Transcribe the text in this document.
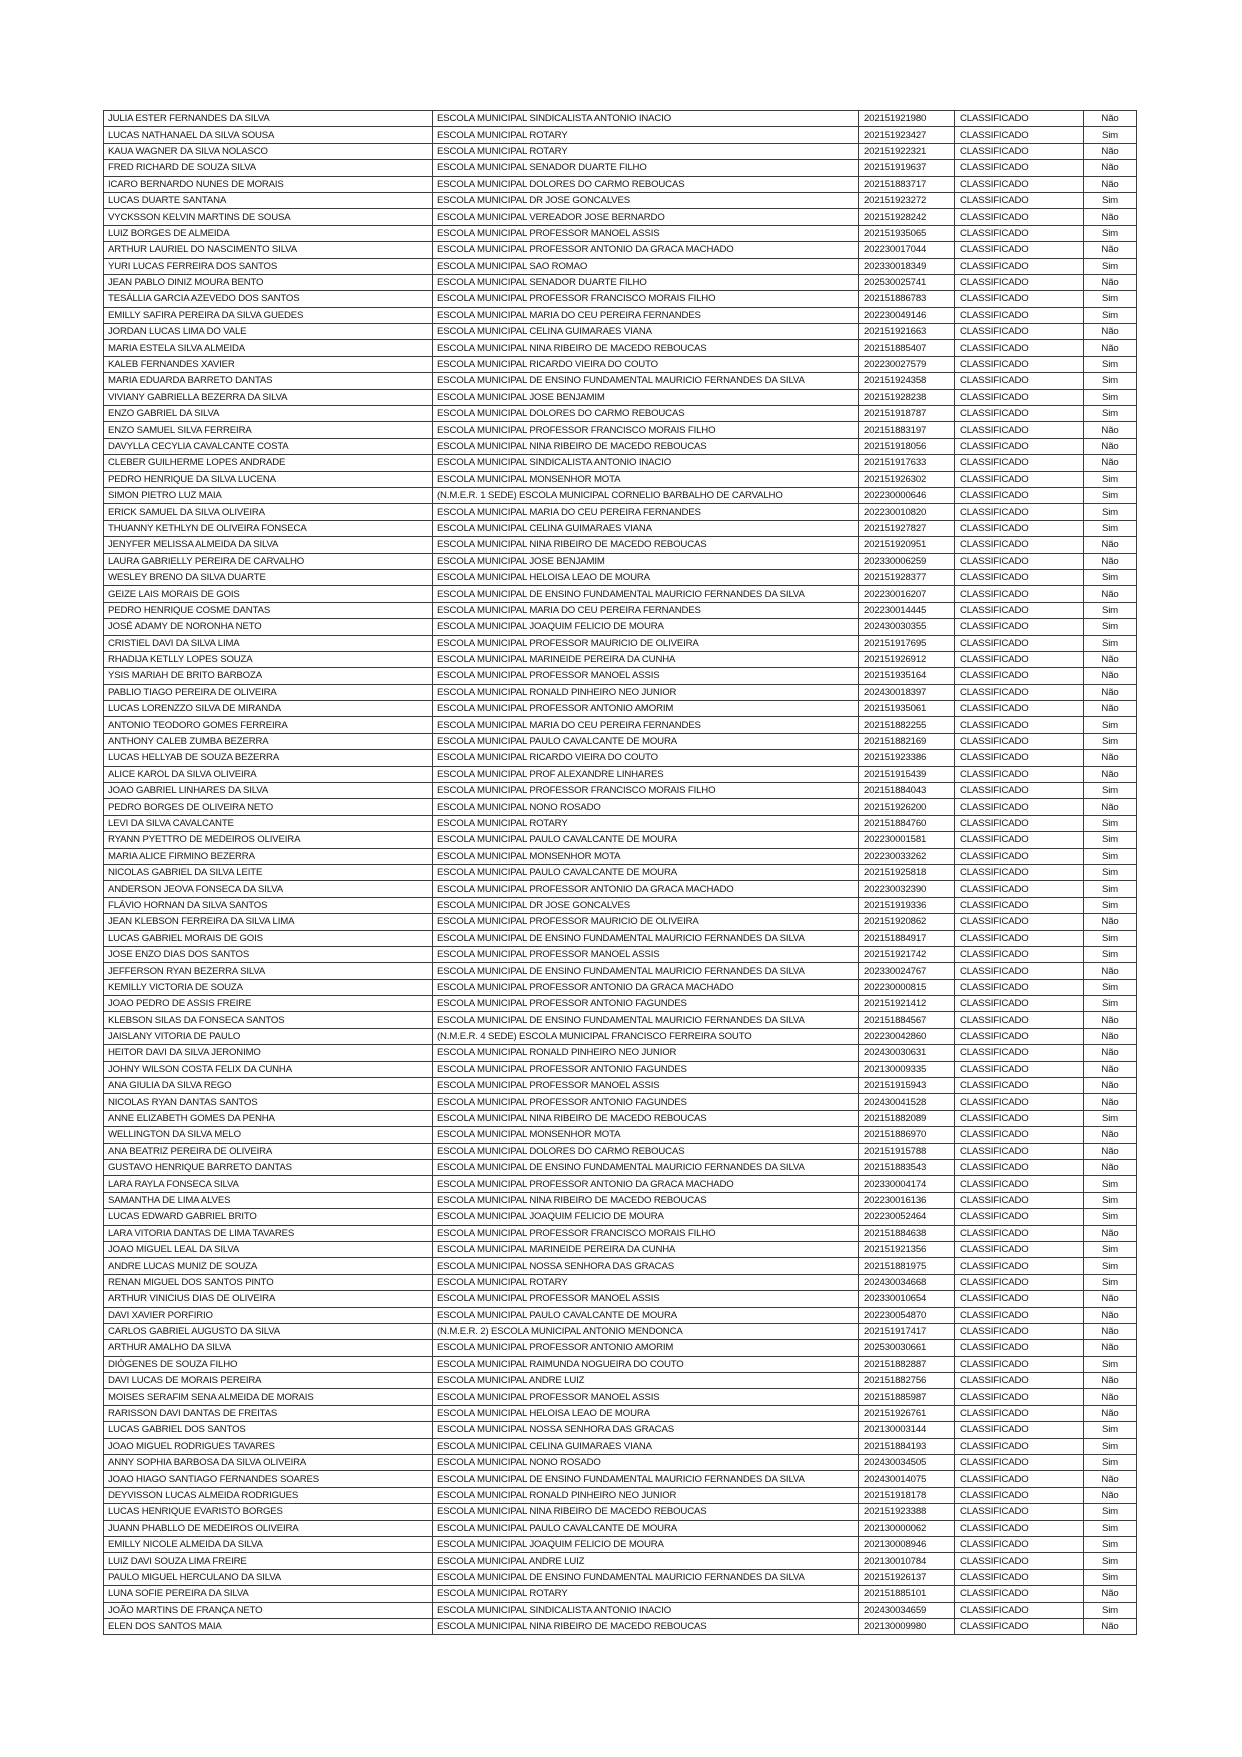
JULIA ESTER FERNANDES DA SILVA	ESCOLA MUNICIPAL SINDICALISTA ANTONIO INACIO	202151921980	CLASSIFICADO	Não
LUCAS NATHANAEL DA SILVA SOUSA	ESCOLA MUNICIPAL ROTARY	202151923427	CLASSIFICADO	Sim
KAUA WAGNER DA SILVA NOLASCO	ESCOLA MUNICIPAL ROTARY	202151922321	CLASSIFICADO	Não
FRED RICHARD DE SOUZA SILVA	ESCOLA MUNICIPAL SENADOR DUARTE FILHO	202151919637	CLASSIFICADO	Não
ICARO BERNARDO NUNES DE MORAIS	ESCOLA MUNICIPAL DOLORES DO CARMO REBOUCAS	202151883717	CLASSIFICADO	Não
LUCAS DUARTE SANTANA	ESCOLA MUNICIPAL DR JOSE GONCALVES	202151923272	CLASSIFICADO	Sim
VYCKSSON KELVIN MARTINS DE SOUSA	ESCOLA MUNICIPAL VEREADOR JOSE BERNARDO	202151928242	CLASSIFICADO	Não
LUIZ BORGES DE ALMEIDA	ESCOLA MUNICIPAL PROFESSOR MANOEL ASSIS	202151935065	CLASSIFICADO	Sim
ARTHUR LAURIEL DO NASCIMENTO SILVA	ESCOLA MUNICIPAL PROFESSOR ANTONIO DA GRACA MACHADO	202230017044	CLASSIFICADO	Não
YURI LUCAS FERREIRA DOS SANTOS	ESCOLA MUNICIPAL SAO ROMAO	202330018349	CLASSIFICADO	Sim
JEAN PABLO DINIZ MOURA BENTO	ESCOLA MUNICIPAL SENADOR DUARTE FILHO	202530025741	CLASSIFICADO	Não
TESÁLLIA GARCIA AZEVEDO DOS SANTOS	ESCOLA MUNICIPAL PROFESSOR FRANCISCO MORAIS FILHO	202151886783	CLASSIFICADO	Sim
EMILLY SAFIRA PEREIRA DA SILVA GUEDES	ESCOLA MUNICIPAL MARIA DO CEU PEREIRA FERNANDES	202230049146	CLASSIFICADO	Sim
JORDAN LUCAS LIMA DO VALE	ESCOLA MUNICIPAL CELINA GUIMARAES VIANA	202151921663	CLASSIFICADO	Não
MARIA ESTELA SILVA ALMEIDA	ESCOLA MUNICIPAL NINA RIBEIRO DE MACEDO REBOUCAS	202151885407	CLASSIFICADO	Não
KALEB FERNANDES XAVIER	ESCOLA MUNICIPAL RICARDO VIEIRA DO COUTO	202230027579	CLASSIFICADO	Sim
MARIA EDUARDA BARRETO DANTAS	ESCOLA MUNICIPAL DE ENSINO FUNDAMENTAL MAURICIO FERNANDES DA SILVA	202151924358	CLASSIFICADO	Sim
VIVIANY GABRIELLA BEZERRA DA SILVA	ESCOLA MUNICIPAL JOSE BENJAMIM	202151928238	CLASSIFICADO	Sim
ENZO GABRIEL DA SILVA	ESCOLA MUNICIPAL DOLORES DO CARMO REBOUCAS	202151918787	CLASSIFICADO	Sim
ENZO SAMUEL SILVA FERREIRA	ESCOLA MUNICIPAL PROFESSOR FRANCISCO MORAIS FILHO	202151883197	CLASSIFICADO	Não
DAVYLLA CECYLIA CAVALCANTE COSTA	ESCOLA MUNICIPAL NINA RIBEIRO DE MACEDO REBOUCAS	202151918056	CLASSIFICADO	Não
CLEBER GUILHERME LOPES ANDRADE	ESCOLA MUNICIPAL SINDICALISTA ANTONIO INACIO	202151917633	CLASSIFICADO	Não
PEDRO HENRIQUE DA SILVA LUCENA	ESCOLA MUNICIPAL MONSENHOR MOTA	202151926302	CLASSIFICADO	Sim
SIMON PIETRO LUZ MAIA	(N.M.E.R. 1 SEDE) ESCOLA MUNICIPAL CORNELIO BARBALHO DE CARVALHO	202230000646	CLASSIFICADO	Sim
ERICK SAMUEL DA SILVA OLIVEIRA	ESCOLA MUNICIPAL MARIA DO CEU PEREIRA FERNANDES	202230010820	CLASSIFICADO	Sim
THUANNY KETHLYN DE OLIVEIRA FONSECA	ESCOLA MUNICIPAL CELINA GUIMARAES VIANA	202151927827	CLASSIFICADO	Sim
JENYFER MELISSA ALMEIDA DA SILVA	ESCOLA MUNICIPAL NINA RIBEIRO DE MACEDO REBOUCAS	202151920951	CLASSIFICADO	Não
LAURA GABRIELLY PEREIRA DE CARVALHO	ESCOLA MUNICIPAL JOSE BENJAMIM	202330006259	CLASSIFICADO	Não
WESLEY BRENO DA SILVA DUARTE	ESCOLA MUNICIPAL HELOISA LEAO DE MOURA	202151928377	CLASSIFICADO	Sim
GEIZE LAIS MORAIS DE GOIS	ESCOLA MUNICIPAL DE ENSINO FUNDAMENTAL MAURICIO FERNANDES DA SILVA	202230016207	CLASSIFICADO	Não
PEDRO HENRIQUE COSME DANTAS	ESCOLA MUNICIPAL MARIA DO CEU PEREIRA FERNANDES	202230014445	CLASSIFICADO	Sim
JOSÉ ADAMY DE NORONHA NETO	ESCOLA MUNICIPAL JOAQUIM FELICIO DE MOURA	202430030355	CLASSIFICADO	Sim
CRISTIEL DAVI DA SILVA LIMA	ESCOLA MUNICIPAL PROFESSOR MAURICIO DE OLIVEIRA	202151917695	CLASSIFICADO	Sim
RHADIJA KETLLY LOPES SOUZA	ESCOLA MUNICIPAL MARINEIDE PEREIRA DA CUNHA	202151926912	CLASSIFICADO	Não
YSIS MARIAH DE BRITO BARBOZA	ESCOLA MUNICIPAL PROFESSOR MANOEL ASSIS	202151935164	CLASSIFICADO	Não
PABLIO TIAGO PEREIRA DE OLIVEIRA	ESCOLA MUNICIPAL RONALD PINHEIRO NEO JUNIOR	202430018397	CLASSIFICADO	Não
LUCAS LORENZZO SILVA DE MIRANDA	ESCOLA MUNICIPAL PROFESSOR ANTONIO AMORIM	202151935061	CLASSIFICADO	Não
ANTONIO TEODORO GOMES FERREIRA	ESCOLA MUNICIPAL MARIA DO CEU PEREIRA FERNANDES	202151882255	CLASSIFICADO	Sim
ANTHONY CALEB ZUMBA BEZERRA	ESCOLA MUNICIPAL PAULO CAVALCANTE DE MOURA	202151882169	CLASSIFICADO	Sim
LUCAS HELLYAB DE SOUZA BEZERRA	ESCOLA MUNICIPAL RICARDO VIEIRA DO COUTO	202151923386	CLASSIFICADO	Não
ALICE KAROL DA SILVA OLIVEIRA	ESCOLA MUNICIPAL PROF ALEXANDRE LINHARES	202151915439	CLASSIFICADO	Não
JOAO GABRIEL LINHARES DA SILVA	ESCOLA MUNICIPAL PROFESSOR FRANCISCO MORAIS FILHO	202151884043	CLASSIFICADO	Sim
PEDRO BORGES DE OLIVEIRA NETO	ESCOLA MUNICIPAL NONO ROSADO	202151926200	CLASSIFICADO	Não
LEVI DA SILVA CAVALCANTE	ESCOLA MUNICIPAL ROTARY	202151884760	CLASSIFICADO	Sim
RYANN PYETTRO DE MEDEIROS OLIVEIRA	ESCOLA MUNICIPAL PAULO CAVALCANTE DE MOURA	202230001581	CLASSIFICADO	Sim
MARIA ALICE FIRMINO BEZERRA	ESCOLA MUNICIPAL MONSENHOR MOTA	202230033262	CLASSIFICADO	Sim
NICOLAS GABRIEL DA SILVA LEITE	ESCOLA MUNICIPAL PAULO CAVALCANTE DE MOURA	202151925818	CLASSIFICADO	Sim
ANDERSON JEOVA FONSECA DA SILVA	ESCOLA MUNICIPAL PROFESSOR ANTONIO DA GRACA MACHADO	202230032390	CLASSIFICADO	Sim
FLÁVIO HORNAN DA SILVA SANTOS	ESCOLA MUNICIPAL DR JOSE GONCALVES	202151919336	CLASSIFICADO	Sim
JEAN KLEBSON FERREIRA DA SILVA LIMA	ESCOLA MUNICIPAL PROFESSOR MAURICIO DE OLIVEIRA	202151920862	CLASSIFICADO	Não
LUCAS GABRIEL MORAIS DE GOIS	ESCOLA MUNICIPAL DE ENSINO FUNDAMENTAL MAURICIO FERNANDES DA SILVA	202151884917	CLASSIFICADO	Sim
JOSE ENZO DIAS DOS SANTOS	ESCOLA MUNICIPAL PROFESSOR MANOEL ASSIS	202151921742	CLASSIFICADO	Sim
JEFFERSON RYAN BEZERRA SILVA	ESCOLA MUNICIPAL DE ENSINO FUNDAMENTAL MAURICIO FERNANDES DA SILVA	202330024767	CLASSIFICADO	Não
KEMILLY VICTORIA DE SOUZA	ESCOLA MUNICIPAL PROFESSOR ANTONIO DA GRACA MACHADO	202230000815	CLASSIFICADO	Sim
JOAO PEDRO DE ASSIS FREIRE	ESCOLA MUNICIPAL PROFESSOR ANTONIO FAGUNDES	202151921412	CLASSIFICADO	Sim
KLEBSON SILAS DA FONSECA SANTOS	ESCOLA MUNICIPAL DE ENSINO FUNDAMENTAL MAURICIO FERNANDES DA SILVA	202151884567	CLASSIFICADO	Não
JAISLANY VITORIA DE PAULO	(N.M.E.R. 4 SEDE) ESCOLA MUNICIPAL FRANCISCO FERREIRA SOUTO	202230042860	CLASSIFICADO	Não
HEITOR DAVI DA SILVA JERONIMO	ESCOLA MUNICIPAL RONALD PINHEIRO NEO JUNIOR	202430030631	CLASSIFICADO	Não
JOHNY WILSON COSTA FELIX DA CUNHA	ESCOLA MUNICIPAL PROFESSOR ANTONIO FAGUNDES	202130009335	CLASSIFICADO	Não
ANA GIULIA DA SILVA REGO	ESCOLA MUNICIPAL PROFESSOR MANOEL ASSIS	202151915943	CLASSIFICADO	Não
NICOLAS RYAN DANTAS SANTOS	ESCOLA MUNICIPAL PROFESSOR ANTONIO FAGUNDES	202430041528	CLASSIFICADO	Não
ANNE ELIZABETH GOMES DA PENHA	ESCOLA MUNICIPAL NINA RIBEIRO DE MACEDO REBOUCAS	202151882089	CLASSIFICADO	Sim
WELLINGTON DA SILVA MELO	ESCOLA MUNICIPAL MONSENHOR MOTA	202151886970	CLASSIFICADO	Não
ANA BEATRIZ PEREIRA DE OLIVEIRA	ESCOLA MUNICIPAL DOLORES DO CARMO REBOUCAS	202151915788	CLASSIFICADO	Não
GUSTAVO HENRIQUE BARRETO DANTAS	ESCOLA MUNICIPAL DE ENSINO FUNDAMENTAL MAURICIO FERNANDES DA SILVA	202151883543	CLASSIFICADO	Não
LARA RAYLA FONSECA SILVA	ESCOLA MUNICIPAL PROFESSOR ANTONIO DA GRACA MACHADO	202330004174	CLASSIFICADO	Sim
SAMANTHA DE LIMA ALVES	ESCOLA MUNICIPAL NINA RIBEIRO DE MACEDO REBOUCAS	202230016136	CLASSIFICADO	Sim
LUCAS EDWARD GABRIEL BRITO	ESCOLA MUNICIPAL JOAQUIM FELICIO DE MOURA	202230052464	CLASSIFICADO	Sim
LARA VITORIA DANTAS DE LIMA TAVARES	ESCOLA MUNICIPAL PROFESSOR FRANCISCO MORAIS FILHO	202151884638	CLASSIFICADO	Não
JOAO MIGUEL LEAL DA SILVA	ESCOLA MUNICIPAL MARINEIDE PEREIRA DA CUNHA	202151921356	CLASSIFICADO	Sim
ANDRE LUCAS MUNIZ DE SOUZA	ESCOLA MUNICIPAL NOSSA SENHORA DAS GRACAS	202151881975	CLASSIFICADO	Sim
RENAN MIGUEL DOS SANTOS PINTO	ESCOLA MUNICIPAL ROTARY	202430034668	CLASSIFICADO	Sim
ARTHUR VINICIUS DIAS DE OLIVEIRA	ESCOLA MUNICIPAL PROFESSOR MANOEL ASSIS	202330010654	CLASSIFICADO	Não
DAVI XAVIER PORFIRIO	ESCOLA MUNICIPAL PAULO CAVALCANTE DE MOURA	202230054870	CLASSIFICADO	Não
CARLOS GABRIEL AUGUSTO DA SILVA	(N.M.E.R. 2) ESCOLA MUNICIPAL ANTONIO MENDONCA	202151917417	CLASSIFICADO	Não
ARTHUR AMALHO DA SILVA	ESCOLA MUNICIPAL PROFESSOR ANTONIO AMORIM	202530030661	CLASSIFICADO	Não
DIÓGENES DE SOUZA FILHO	ESCOLA MUNICIPAL RAIMUNDA NOGUEIRA DO COUTO	202151882887	CLASSIFICADO	Sim
DAVI LUCAS DE MORAIS PEREIRA	ESCOLA MUNICIPAL ANDRE LUIZ	202151882756	CLASSIFICADO	Não
MOISES SERAFIM SENA ALMEIDA DE MORAIS	ESCOLA MUNICIPAL PROFESSOR MANOEL ASSIS	202151885987	CLASSIFICADO	Não
RARISSON DAVI DANTAS DE FREITAS	ESCOLA MUNICIPAL HELOISA LEAO DE MOURA	202151926761	CLASSIFICADO	Não
LUCAS GABRIEL DOS SANTOS	ESCOLA MUNICIPAL NOSSA SENHORA DAS GRACAS	202130003144	CLASSIFICADO	Sim
JOAO MIGUEL RODRIGUES TAVARES	ESCOLA MUNICIPAL CELINA GUIMARAES VIANA	202151884193	CLASSIFICADO	Sim
ANNY SOPHIA BARBOSA DA SILVA OLIVEIRA	ESCOLA MUNICIPAL NONO ROSADO	202430034505	CLASSIFICADO	Sim
JOAO HIAGO SANTIAGO FERNANDES SOARES	ESCOLA MUNICIPAL DE ENSINO FUNDAMENTAL MAURICIO FERNANDES DA SILVA	202430014075	CLASSIFICADO	Não
DEYVISSON LUCAS ALMEIDA RODRIGUES	ESCOLA MUNICIPAL RONALD PINHEIRO NEO JUNIOR	202151918178	CLASSIFICADO	Não
LUCAS HENRIQUE EVARISTO BORGES	ESCOLA MUNICIPAL NINA RIBEIRO DE MACEDO REBOUCAS	202151923388	CLASSIFICADO	Sim
JUANN PHABLLO DE MEDEIROS OLIVEIRA	ESCOLA MUNICIPAL PAULO CAVALCANTE DE MOURA	202130000062	CLASSIFICADO	Sim
EMILLY NICOLE ALMEIDA DA SILVA	ESCOLA MUNICIPAL JOAQUIM FELICIO DE MOURA	202130008946	CLASSIFICADO	Sim
LUIZ DAVI SOUZA LIMA FREIRE	ESCOLA MUNICIPAL ANDRE LUIZ	202130010784	CLASSIFICADO	Sim
PAULO MIGUEL HERCULANO DA SILVA	ESCOLA MUNICIPAL DE ENSINO FUNDAMENTAL MAURICIO FERNANDES DA SILVA	202151926137	CLASSIFICADO	Sim
LUNA SOFIE PEREIRA DA SILVA	ESCOLA MUNICIPAL ROTARY	202151885101	CLASSIFICADO	Não
JOÃO MARTINS DE FRANÇA NETO	ESCOLA MUNICIPAL SINDICALISTA ANTONIO INACIO	202430034659	CLASSIFICADO	Sim
ELEN DOS SANTOS MAIA	ESCOLA MUNICIPAL NINA RIBEIRO DE MACEDO REBOUCAS	202130009980	CLASSIFICADO	Não
